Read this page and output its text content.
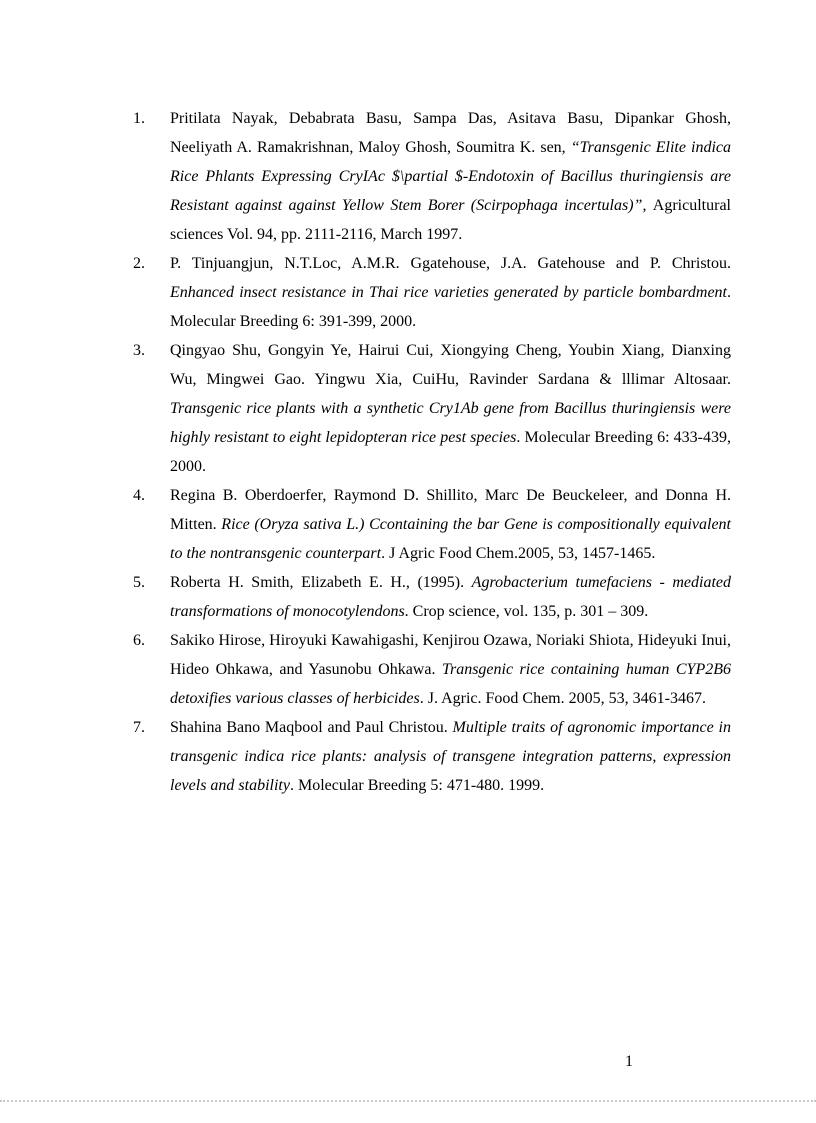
1.	Pritilata Nayak, Debabrata Basu, Sampa Das, Asitava Basu, Dipankar Ghosh, Neeliyath A. Ramakrishnan, Maloy Ghosh, Soumitra K. sen, “Transgenic Elite indica Rice Phlants Expressing CryIAc $\partial $-Endotoxin of Bacillus thuringiensis are Resistant against against Yellow Stem Borer (Scirpophaga incertulas)”, Agricultural sciences Vol. 94, pp. 2111-2116, March 1997.
2.	P. Tinjuangjun, N.T.Loc, A.M.R. Ggatehouse, J.A. Gatehouse and P. Christou. Enhanced insect resistance in Thai rice varieties generated by particle bombardment. Molecular Breeding 6: 391-399, 2000.
3.	Qingyao Shu, Gongyin Ye, Hairui Cui, Xiongying Cheng, Youbin Xiang, Dianxing Wu, Mingwei Gao. Yingwu Xia, CuiHu, Ravinder Sardana & lllimar Altosaar. Transgenic rice plants with a synthetic Cry1Ab gene from Bacillus thuringiensis were highly resistant to eight lepidopteran rice pest species. Molecular Breeding 6: 433-439, 2000.
4.	Regina B. Oberdoerfer, Raymond D. Shillito, Marc De Beuckeleer, and Donna H. Mitten. Rice (Oryza sativa L.) Ccontaining the bar Gene is compositionally equivalent to the nontransgenic counterpart. J Agric Food Chem.2005, 53, 1457-1465.
5.	Roberta H. Smith, Elizabeth E. H., (1995). Agrobacterium tumefaciens - mediated transformations of monocotylendons. Crop science, vol. 135, p. 301 – 309.
6.	Sakiko Hirose, Hiroyuki Kawahigashi, Kenjirou Ozawa, Noriaki Shiota, Hideyuki Inui, Hideo Ohkawa, and Yasunobu Ohkawa. Transgenic rice containing human CYP2B6 detoxifies various classes of herbicides. J. Agric. Food Chem. 2005, 53, 3461-3467.
7.	Shahina Bano Maqbool and Paul Christou. Multiple traits of agronomic importance in transgenic indica rice plants: analysis of transgene integration patterns, expression levels and stability. Molecular Breeding 5: 471-480. 1999.
1
